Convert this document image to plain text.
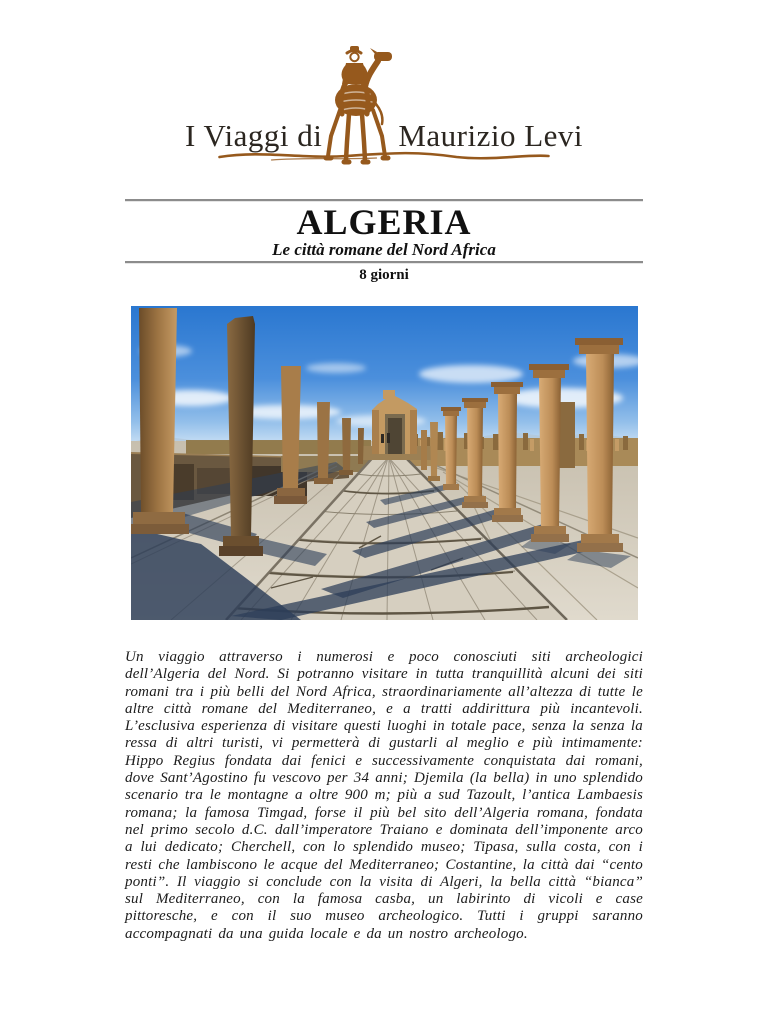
I Viaggi di Maurizio Levi
ALGERIA
Le città romane del Nord Africa
8 giorni

Un viaggio attraverso i numerosi e poco conosciuti siti archeologici dell’Algeria del Nord. Si potranno visitare in tutta tranquillità alcuni dei siti romani tra i più belli del Nord Africa, straordinariamente all’altezza di tutte le altre città romane del Mediterraneo, e a tratti addirittura più incantevoli. L’esclusiva esperienza di visitare questi luoghi in totale pace, senza la senza la ressa di altri turisti, vi permetterà di gustarli al meglio e più intimamente: Hippo Regius fondata dai fenici e successivamente conquistata dai romani, dove Sant’Agostino fu vescovo per 34 anni; Djemila (la bella) in uno splendido scenario tra le montagne a oltre 900 m; più a sud Tazoult, l’antica Lambaesis romana; la famosa Timgad, forse il più bel sito dell’Algeria romana, fondata nel primo secolo d.C. dall’imperatore Traiano e dominata dell’imponente arco a lui dedicato; Cherchell, con lo splendido museo; Tipasa, sulla costa, con i resti che lambiscono le acque del Mediterraneo; Costantine, la città dai “cento ponti”. Il viaggio si conclude con la visita di Algeri, la bella città “bianca” sul Mediterraneo, con la famosa casba, un labirinto di vicoli e case pittoresche, e con il suo museo archeologico. Tutti i gruppi saranno accompagnati da una guida locale e da un nostro archeologo.
